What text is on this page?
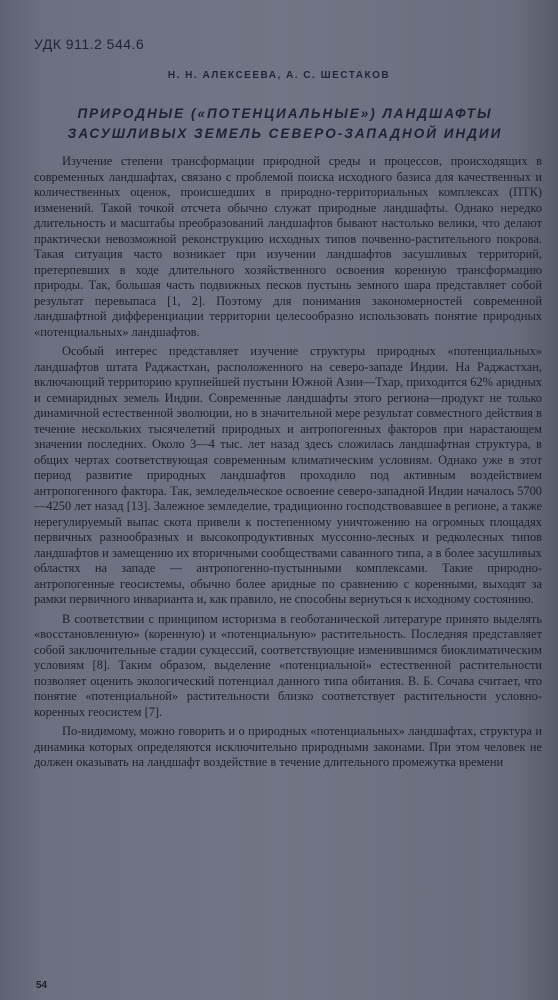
УДК 911.2 544.6
Н. Н. АЛЕКСЕЕВА, А. С. ШЕСТАКОВ
ПРИРОДНЫЕ («ПОТЕНЦИАЛЬНЫЕ») ЛАНДШАФТЫ
ЗАСУШЛИВЫХ ЗЕМЕЛЬ СЕВЕРО-ЗАПАДНОЙ ИНДИИ

Изучение степени трансформации природной среды и процессов, происходящих в современных ландшафтах, связано с проблемой поиска исходного базиса для качественных и количественных оценок, происшедших в природно-территориальных комплексах (ПТК) изменений. Такой точкой отсчета обычно служат природные ландшафты. Однако нередко длительность и масштабы преобразований ландшафтов бывают настолько велики, что делают практически невозможной реконструкцию исходных типов почвенно-растительного покрова. Такая ситуация часто возникает при изучении ландшафтов засушливых территорий, претерпевших в ходе длительного хозяйственного освоения коренную трансформацию природы. Так, большая часть подвижных песков пустынь земного шара представляет собой результат перевыпаса [1, 2]. Поэтому для понимания закономерностей современной ландшафтной дифференциации территории целесообразно использовать понятие природных «потенциальных» ландшафтов.

Особый интерес представляет изучение структуры природных «потенциальных» ландшафтов штата Раджастхан, расположенного на северо-западе Индии. На Раджастхан, включающий территорию крупнейшей пустыни Южной Азии—Тхар, приходится 62% аридных и семиаридных земель Индии. Современные ландшафты этого региона—продукт не только динамичной естественной эволюции, но в значительной мере результат совместного действия в течение нескольких тысячелетий природных и антропогенных факторов при нарастающем значении последних. Около 3—4 тыс. лет назад здесь сложилась ландшафтная структура, в общих чертах соответствующая современным климатическим условиям. Однако уже в этот период развитие природных ландшафтов проходило под активным воздействием антропогенного фактора. Так, земледельческое освоение северо-западной Индии началось 5700—4250 лет назад [13]. Залежное земледелие, традиционно господствовавшее в регионе, а также нерегулируемый выпас скота привели к постепенному уничтожению на огромных площадях первичных разнообразных и высокопродуктивных муссонно-лесных и редколесных типов ландшафтов и замещению их вторичными сообществами саванного типа, а в более засушливых областях на западе — антропогенно-пустынными комплексами. Такие природно-антропогенные геосистемы, обычно более аридные по сравнению с коренными, выходят за рамки первичного инварианта и, как правило, не способны вернуться к исходному состоянию.

В соответствии с принципом историзма в геоботанической литературе принято выделять «восстановленную» (коренную) и «потенциальную» растительность. Последняя представляет собой заключительные стадии сукцессий, соответствующие изменившимся биоклиматическим условиям [8]. Таким образом, выделение «потенциальной» естественной растительности позволяет оценить экологический потенциал данного типа обитания. В. Б. Сочава считает, что понятие «потенциальной» растительности близко соответствует растительности условно-коренных геосистем [7].

По-видимому, можно говорить и о природных «потенциальных» ландшафтах, структура и динамика которых определяются исключительно природными законами. При этом человек не должен оказывать на ландшафт воздействие в течение длительного промежутка времени

54
